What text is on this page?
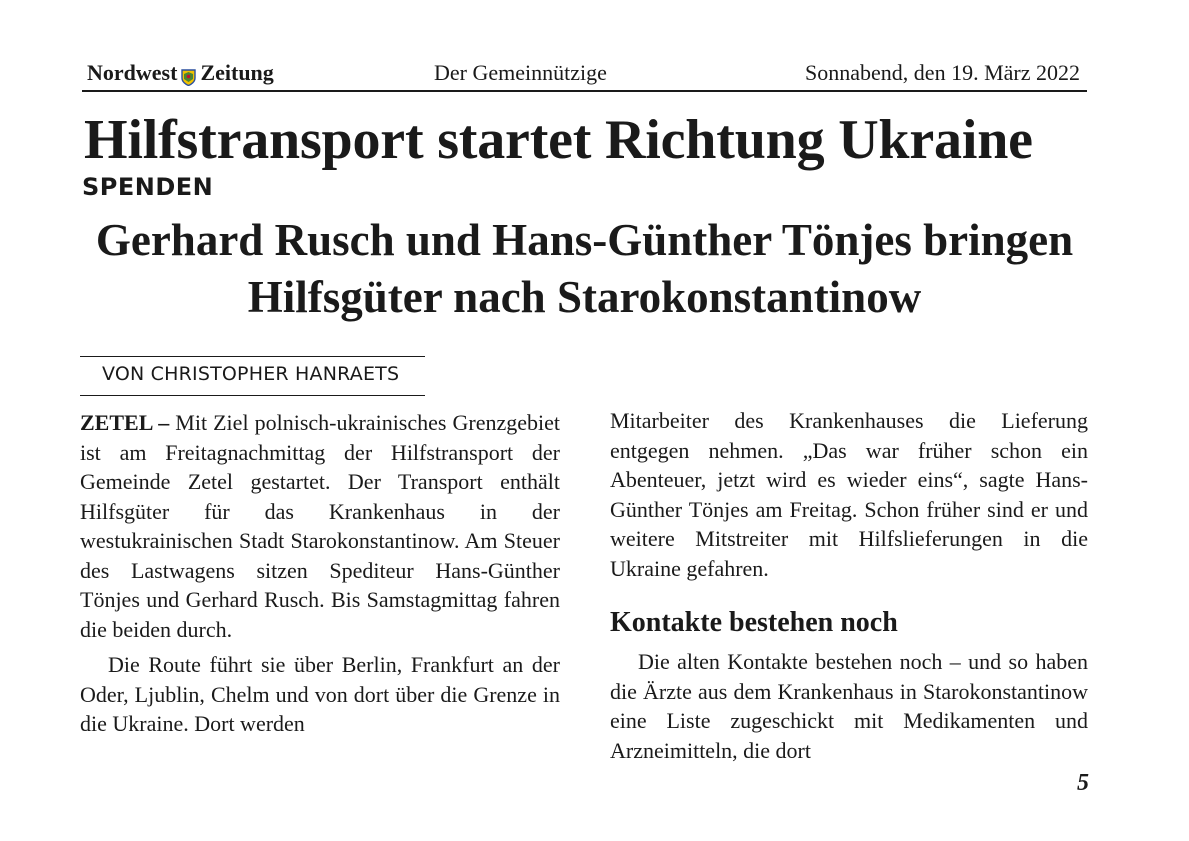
Nordwest Zeitung	Der Gemeinnützige	Sonnabend, den 19. März 2022
Hilfstransport startet Richtung Ukraine
SPENDEN
Gerhard Rusch und Hans-Günther Tönjes bringen Hilfsgüter nach Starokonstantinow
VON CHRISTOPHER HANRAETS

ZETEL – Mit Ziel polnisch-ukrainisches Grenzgebiet ist am Freitagnachmittag der Hilfstransport der Gemeinde Zetel gestartet. Der Transport enthält Hilfsgüter für das Krankenhaus in der westukrainischen Stadt Starokonstantinow. Am Steuer des Lastwagens sitzen Spediteur Hans-Günther Tönjes und Gerhard Rusch. Bis Samstagmittag fahren die beiden durch.

Die Route führt sie über Berlin, Frankfurt an der Oder, Ljublin, Chelm und von dort über die Grenze in die Ukraine. Dort werden

Mitarbeiter des Krankenhauses die Lieferung entgegen nehmen. „Das war früher schon ein Abenteuer, jetzt wird es wieder eins“, sagte Hans-Günther Tönjes am Freitag. Schon früher sind er und weitere Mitstreiter mit Hilfslieferungen in die Ukraine gefahren.

Kontakte bestehen noch

Die alten Kontakte bestehen noch – und so haben die Ärzte aus dem Krankenhaus in Starokonstantinow eine Liste zugeschickt mit Medikamenten und Arzneimitteln, die dort

5
